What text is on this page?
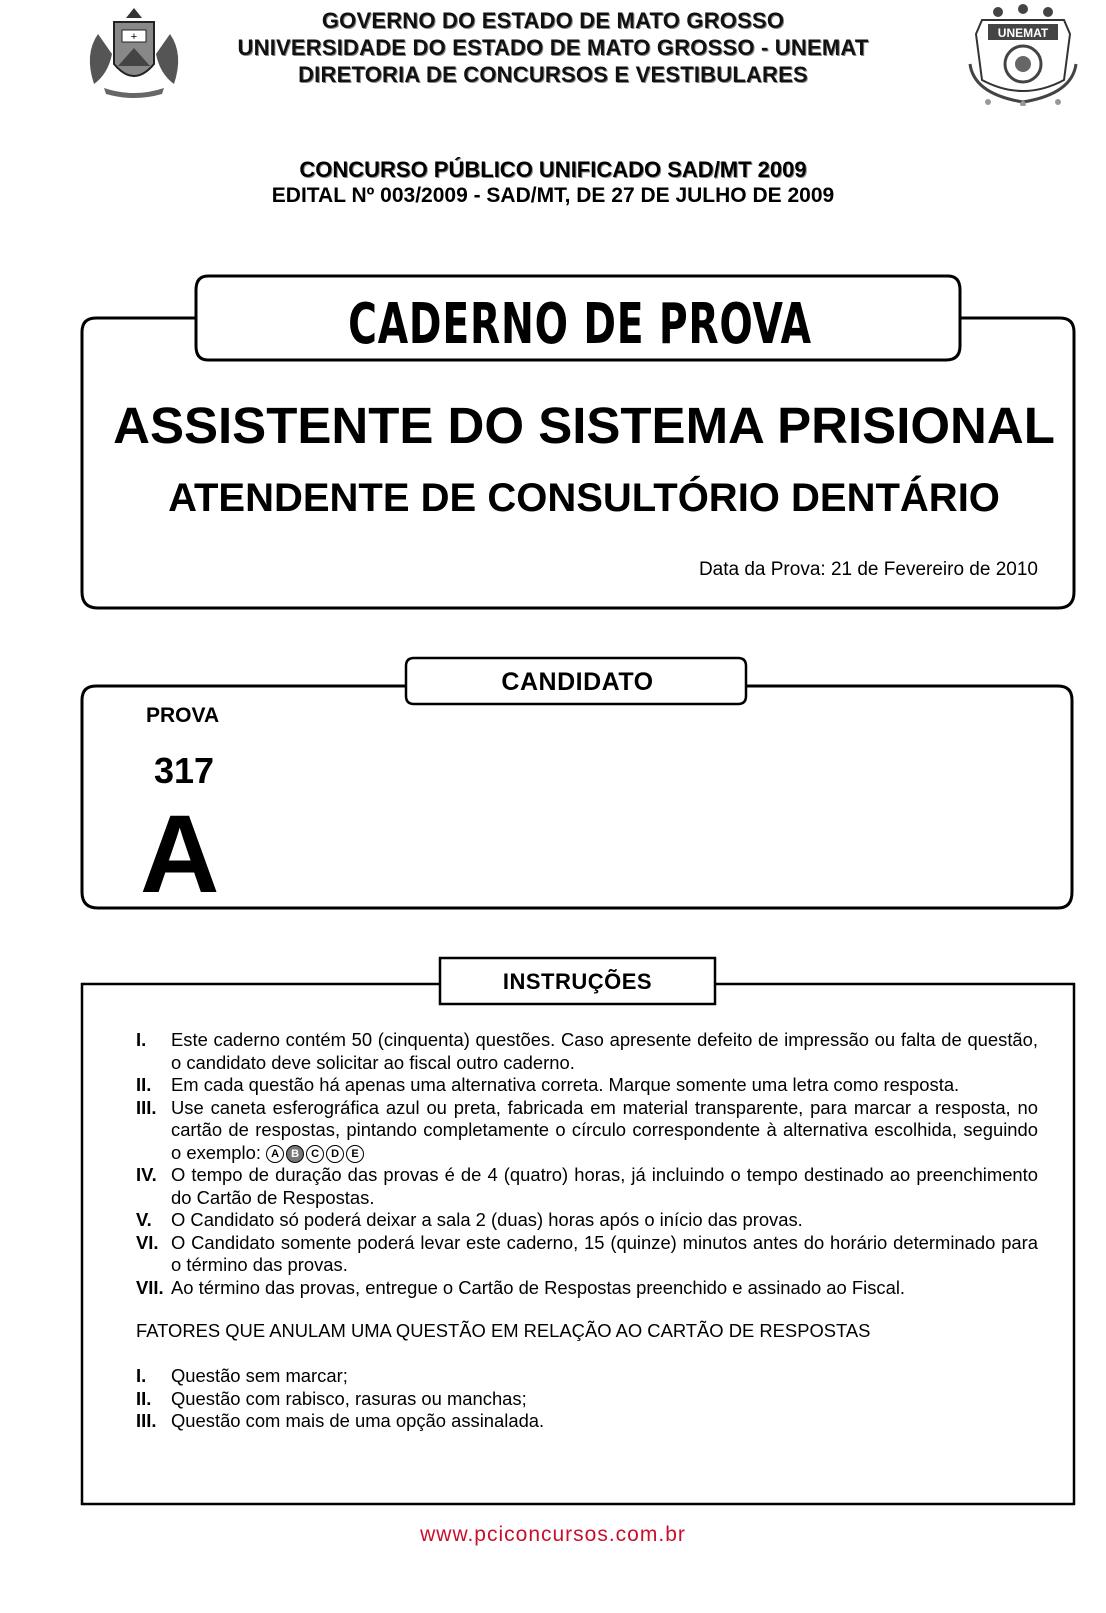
+
GOVERNO DO ESTADO DE MATO GROSSO
UNIVERSIDADE DO ESTADO DE MATO GROSSO - UNEMAT
DIRETORIA DE CONCURSOS E VESTIBULARES
UNEMAT
CONCURSO PÚBLICO UNIFICADO SAD/MT 2009
EDITAL Nº 003/2009 - SAD/MT, DE 27 DE JULHO DE 2009
CADERNO DE PROVA
ASSISTENTE DO SISTEMA PRISIONAL
ATENDENTE DE CONSULTÓRIO DENTÁRIO
Data da Prova: 21 de Fevereiro de 2010
CANDIDATO
PROVA
317
A
INSTRUÇÕES
I.	Este caderno contém 50 (cinquenta) questões. Caso apresente defeito de impressão ou falta de questão, o candidato deve solicitar ao fiscal outro caderno.
II.	Em cada questão há apenas uma alternativa correta. Marque somente uma letra como resposta.
III. Use caneta esferográfica azul ou preta, fabricada em material transparente, para marcar a resposta, no cartão de respostas, pintando completamente o círculo correspondente à alternativa escolhida, seguindo o exemplo: A B C D E
IV. O tempo de duração das provas é de 4 (quatro) horas, já incluindo o tempo destinado ao preenchimento do Cartão de Respostas.
V.	O Candidato só poderá deixar a sala 2 (duas) horas após o início das provas.
VI. O Candidato somente poderá levar este caderno, 15 (quinze) minutos antes do horário determinado para o término das provas.
VII. Ao término das provas, entregue o Cartão de Respostas preenchido e assinado ao Fiscal.
FATORES QUE ANULAM UMA QUESTÃO EM RELAÇÃO AO CARTÃO DE RESPOSTAS
I.	Questão sem marcar;
II.	Questão com rabisco, rasuras ou manchas;
III. Questão com mais de uma opção assinalada.
www.pciconcursos.com.br
